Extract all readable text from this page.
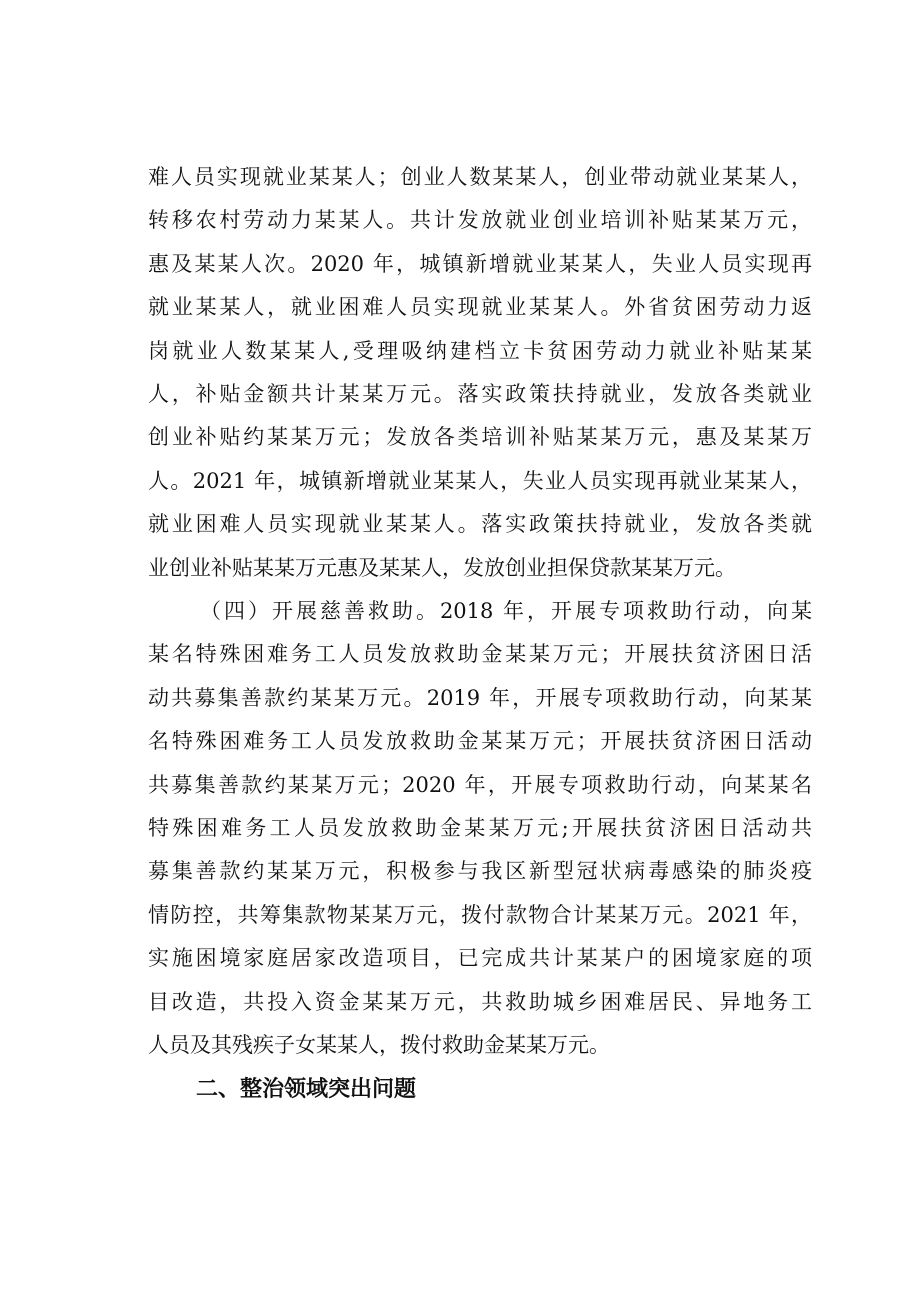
难人员实现就业某某人；创业人数某某人，创业带动就业某某人，
转移农村劳动力某某人。共计发放就业创业培训补贴某某万元，
惠及某某人次。2020 年，城镇新增就业某某人，失业人员实现再
就业某某人，就业困难人员实现就业某某人。外省贫困劳动力返
岗就业人数某某人,受理吸纳建档立卡贫困劳动力就业补贴某某
人，补贴金额共计某某万元。落实政策扶持就业，发放各类就业
创业补贴约某某万元；发放各类培训补贴某某万元，惠及某某万
人。2021 年，城镇新增就业某某人，失业人员实现再就业某某人，
就业困难人员实现就业某某人。落实政策扶持就业，发放各类就
业创业补贴某某万元惠及某某人，发放创业担保贷款某某万元。
（四）开展慈善救助。2018 年，开展专项救助行动，向某
某名特殊困难务工人员发放救助金某某万元；开展扶贫济困日活
动共募集善款约某某万元。2019 年，开展专项救助行动，向某某
名特殊困难务工人员发放救助金某某万元；开展扶贫济困日活动
共募集善款约某某万元；2020 年，开展专项救助行动，向某某名
特殊困难务工人员发放救助金某某万元;开展扶贫济困日活动共
募集善款约某某万元，积极参与我区新型冠状病毒感染的肺炎疫
情防控，共筹集款物某某万元，拨付款物合计某某万元。2021 年，
实施困境家庭居家改造项目，已完成共计某某户的困境家庭的项
目改造，共投入资金某某万元，共救助城乡困难居民、异地务工
人员及其残疾子女某某人，拨付救助金某某万元。
二、整治领域突出问题
